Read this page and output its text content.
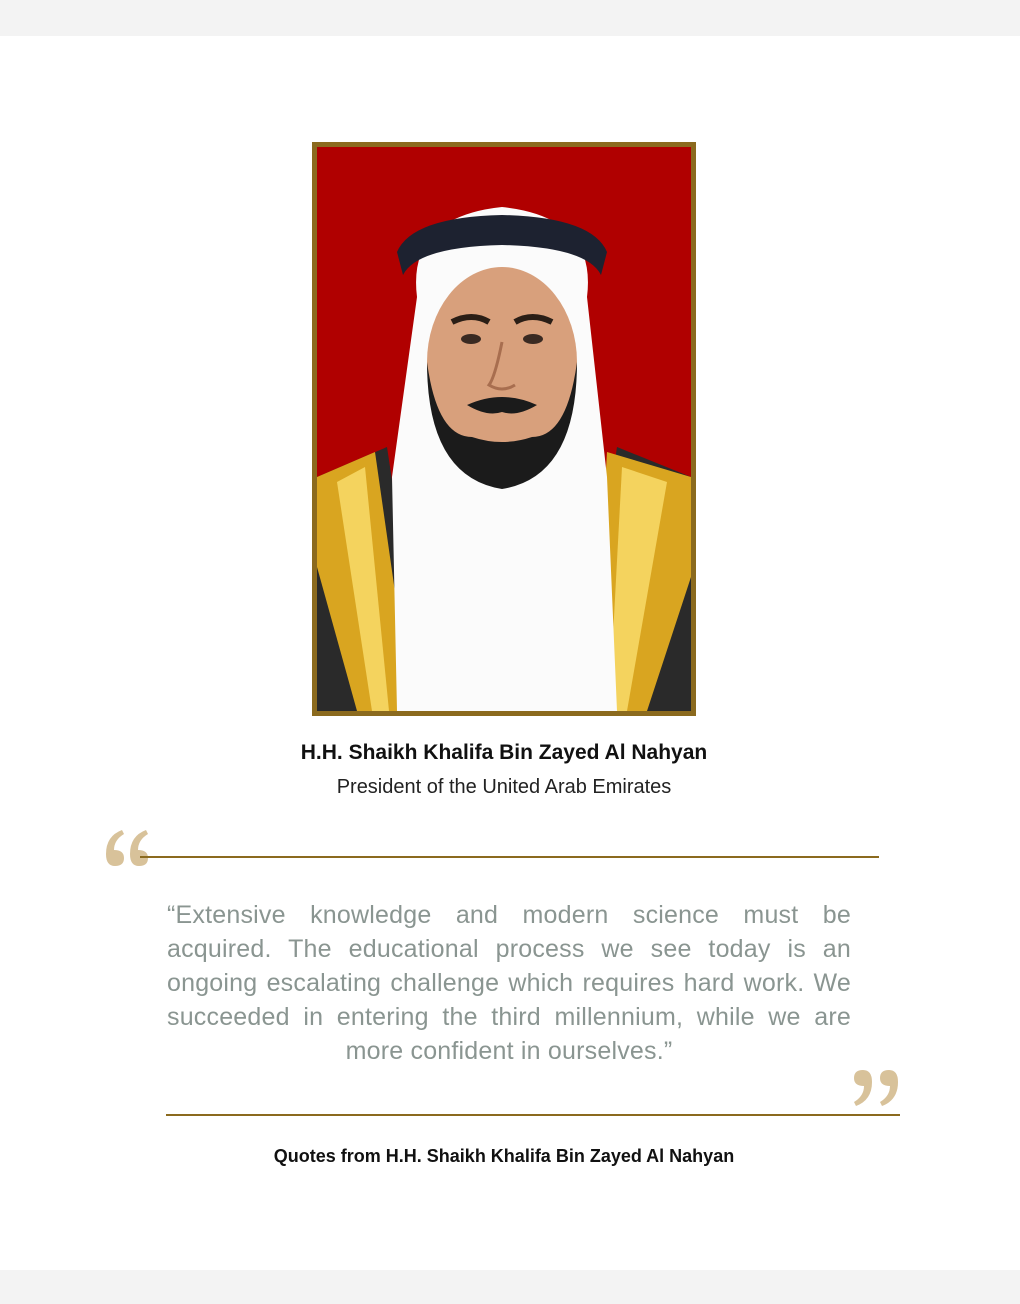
H.H. Shaikh Khalifa Bin Zayed Al Nahyan
President of the United Arab Emirates
“Extensive knowledge and modern science must be acquired. The educational process we see today is an ongoing escalating challenge which requires hard work. We succeeded in entering the third millennium, while we are more confident in ourselves.”
Quotes from H.H. Shaikh Khalifa Bin Zayed Al Nahyan
